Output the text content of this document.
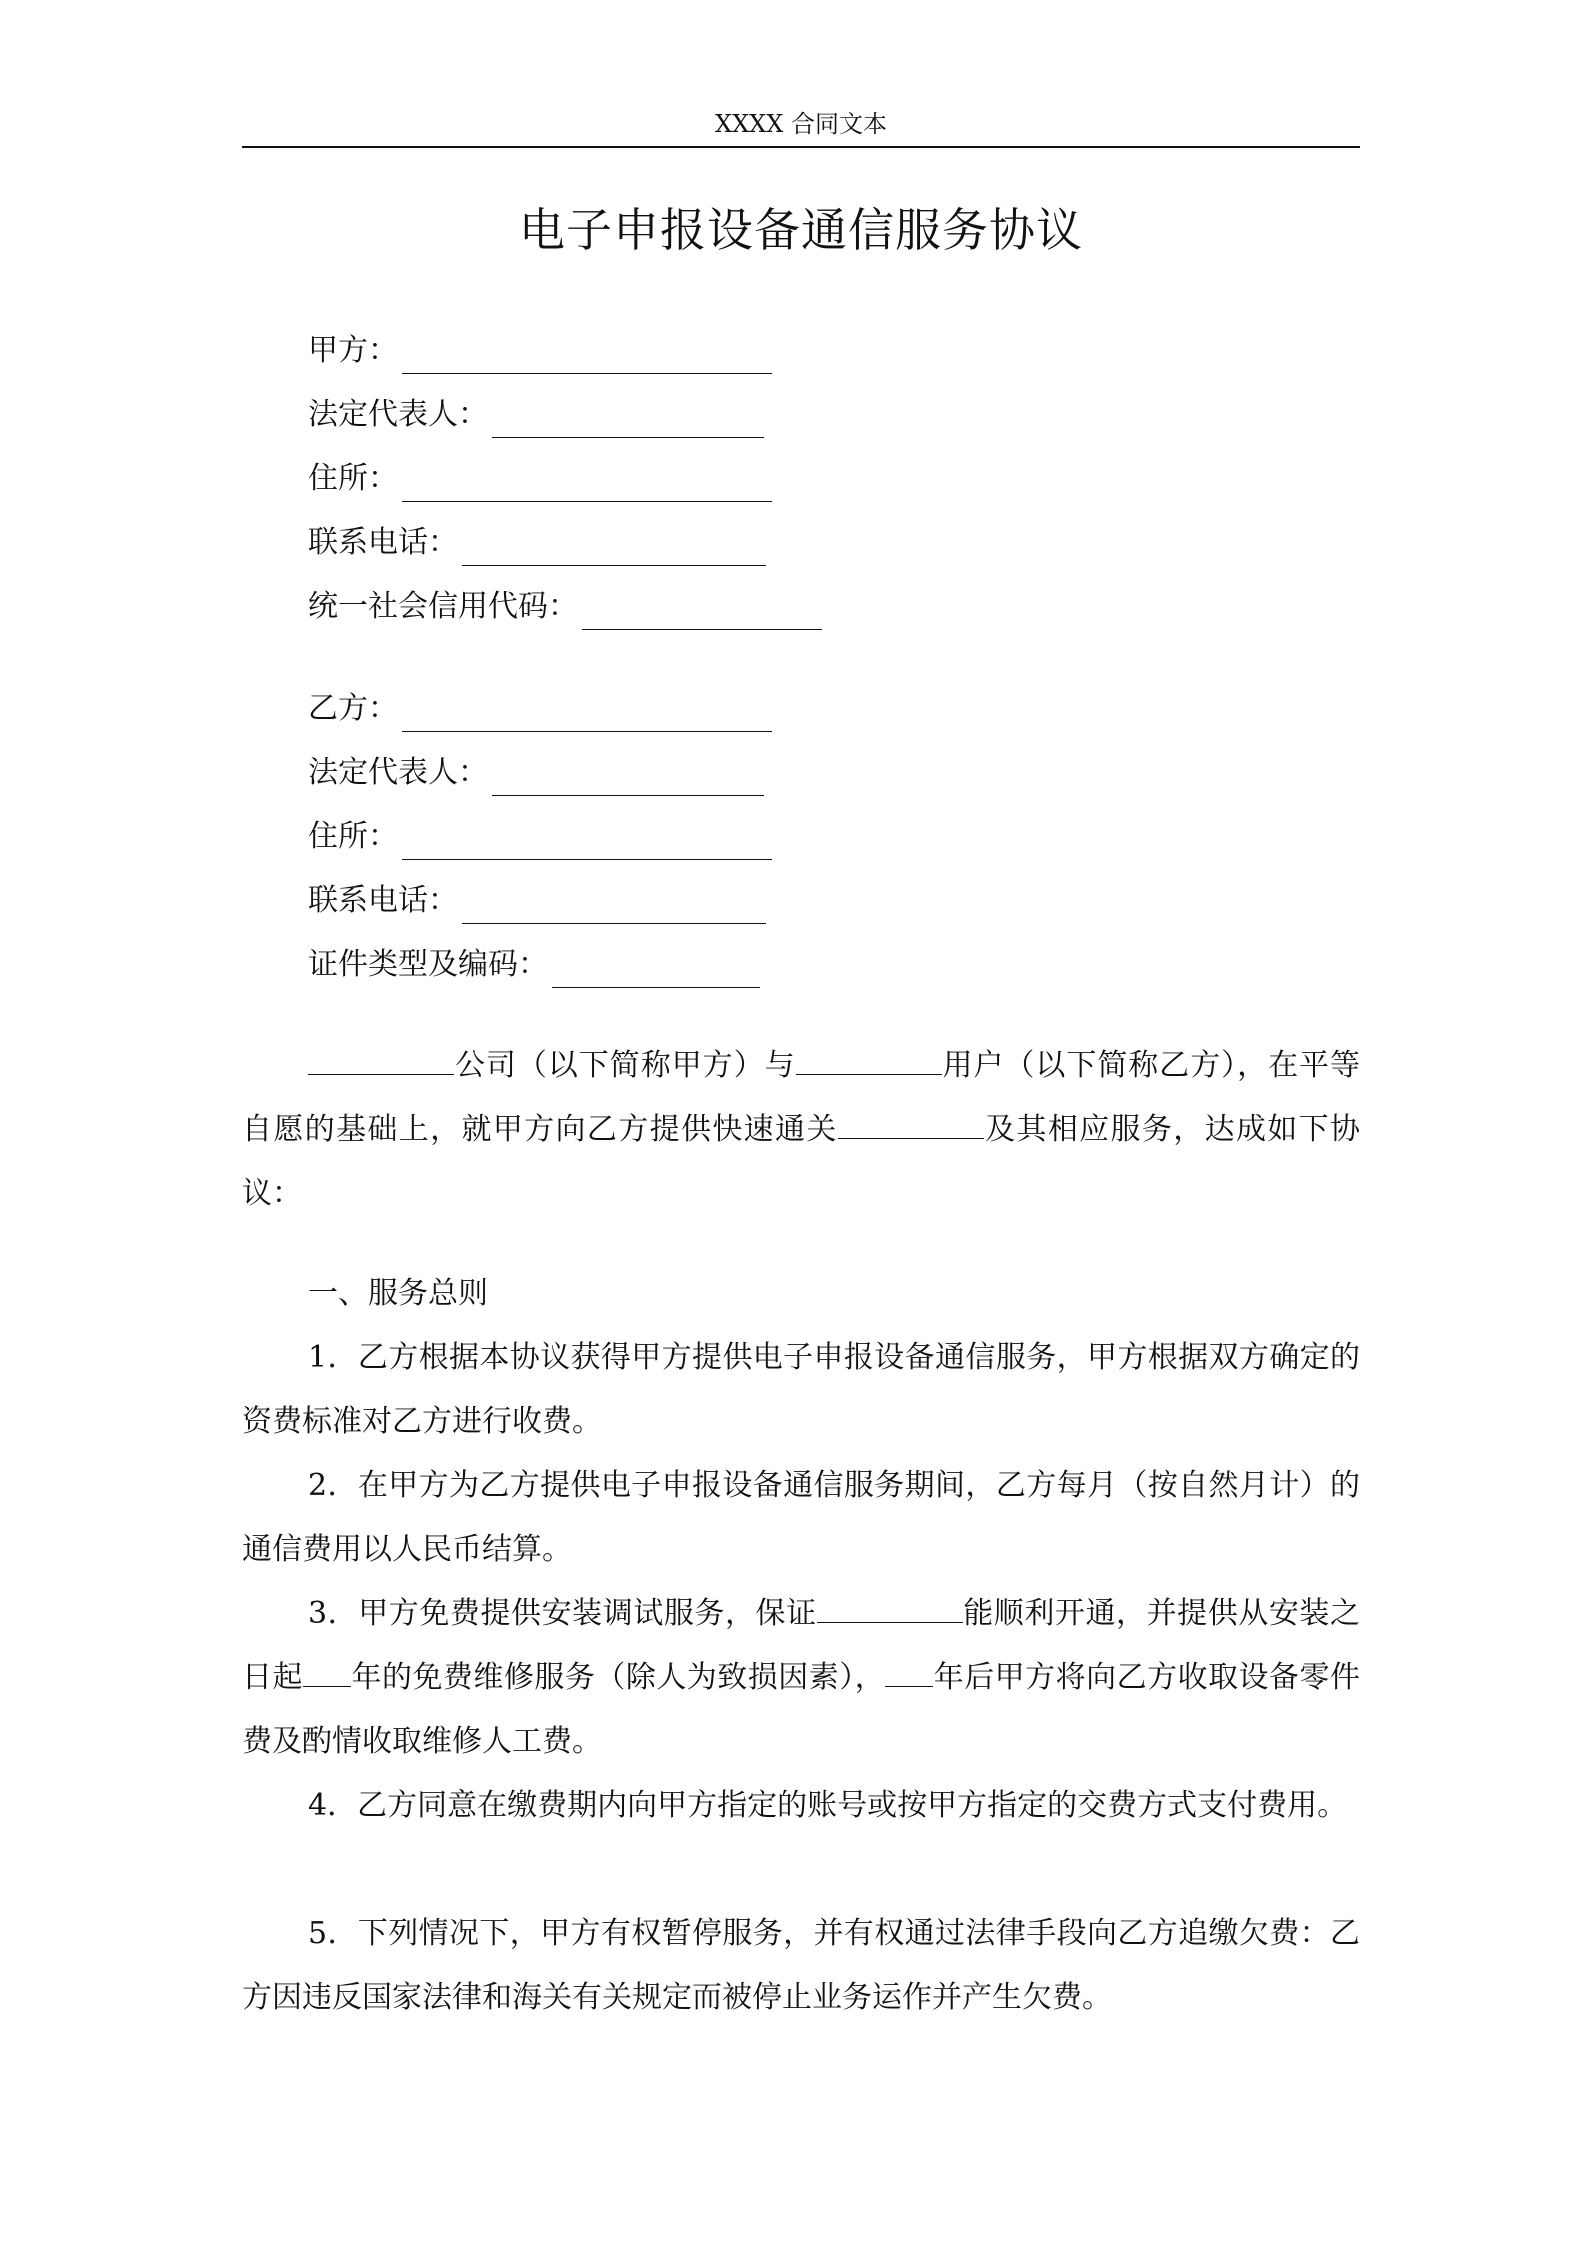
XXXX 合同文本
电子申报设备通信服务协议
甲方：
法定代表人：
住所：
联系电话：
统一社会信用代码：
乙方：
法定代表人：
住所：
联系电话：
证件类型及编码：

公司（以下简称甲方）与	用户（以下简称乙方），在平等自愿的基础上，就甲方向乙方提供快速通关	及其相应服务，达成如下协议：

一、服务总则

1．乙方根据本协议获得甲方提供电子申报设备通信服务，甲方根据双方确定的资费标准对乙方进行收费。

2．在甲方为乙方提供电子申报设备通信服务期间，乙方每月（按自然月计）的通信费用以人民币结算。

3．甲方免费提供安装调试服务，保证	能顺利开通，并提供从安装之日起 年的免费维修服务（除人为致损因素）， 年后甲方将向乙方收取设备零件费及酌情收取维修人工费。

4．乙方同意在缴费期内向甲方指定的账号或按甲方指定的交费方式支付费用。

5．下列情况下，甲方有权暂停服务，并有权通过法律手段向乙方追缴欠费：乙方因违反国家法律和海关有关规定而被停止业务运作并产生欠费。
